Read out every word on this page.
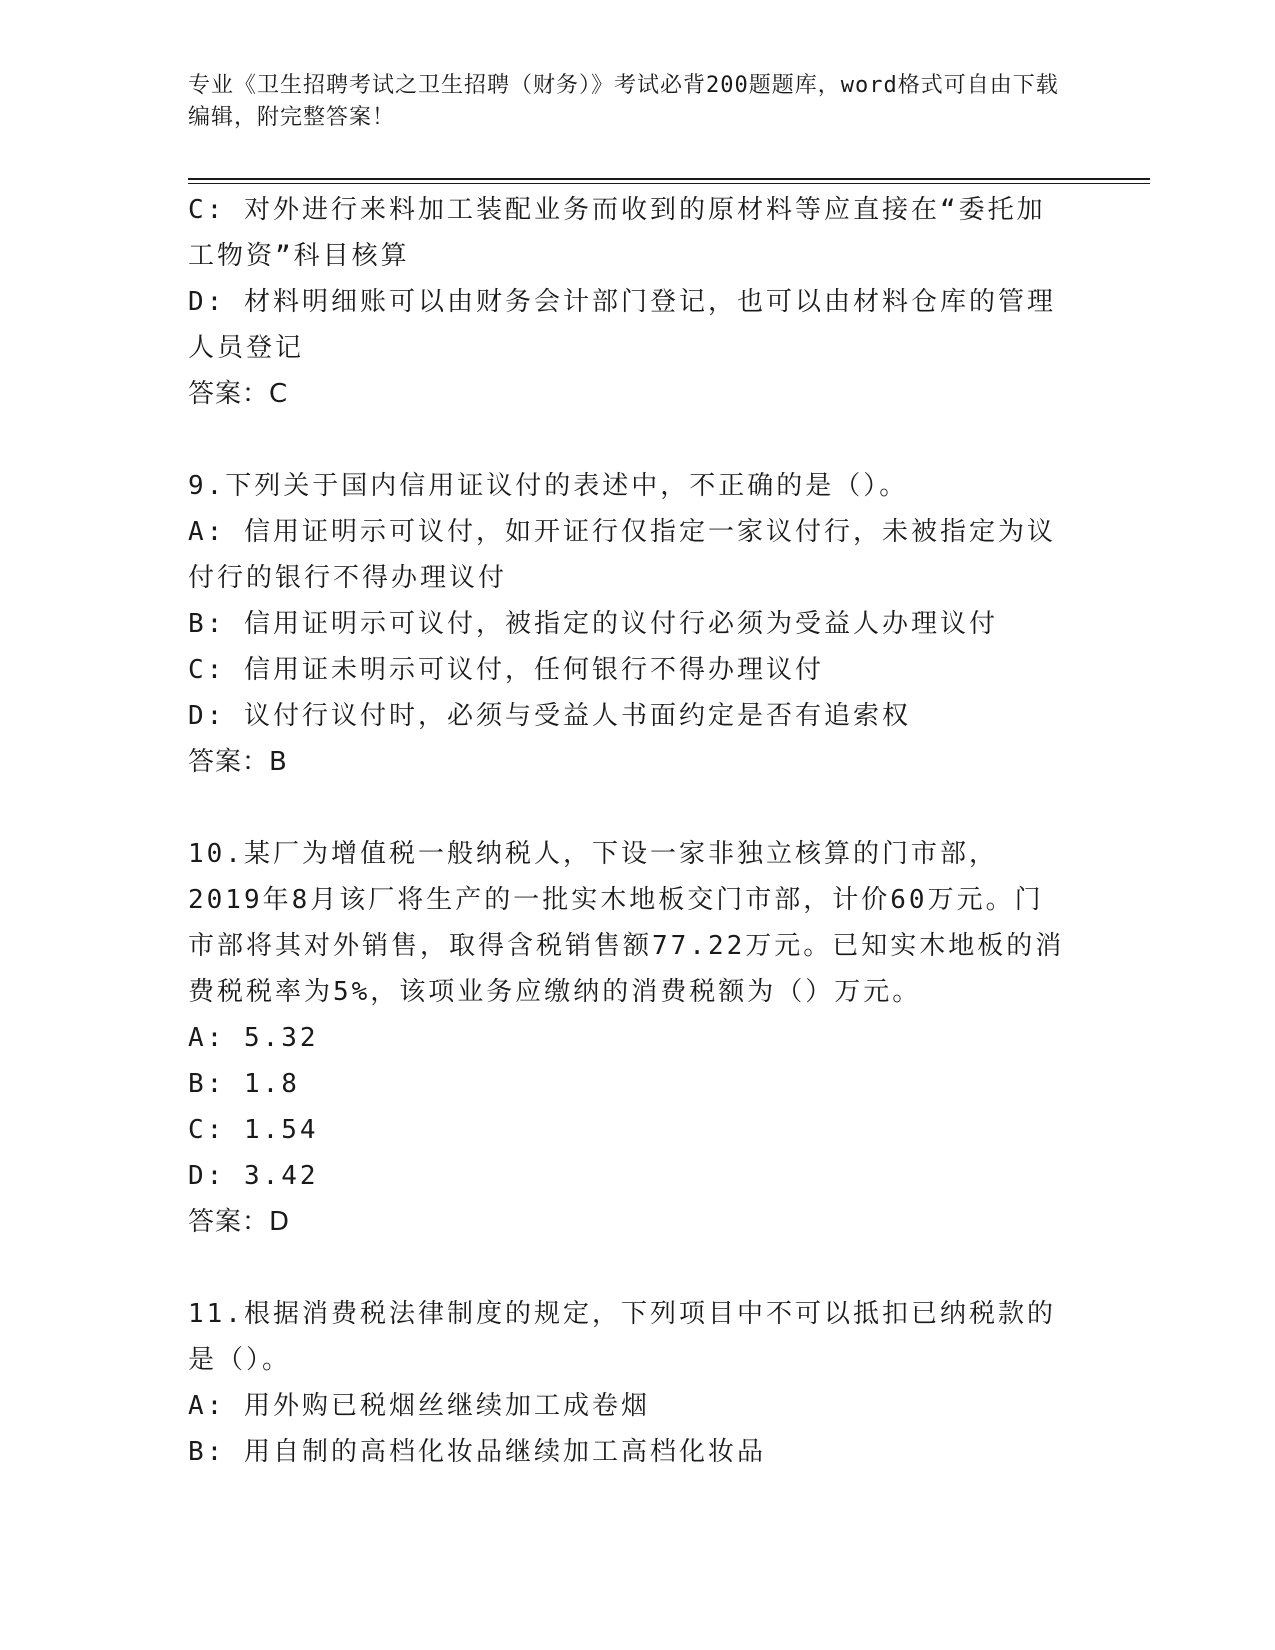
专业《卫生招聘考试之卫生招聘（财务）》考试必背200题题库，word格式可自由下载编辑，附完整答案！

C: 对外进行来料加工装配业务而收到的原材料等应直接在“委托加工物资”科目核算

D: 材料明细账可以由财务会计部门登记，也可以由材料仓库的管理人员登记

答案：C

9.下列关于国内信用证议付的表述中，不正确的是（）。

A: 信用证明示可议付，如开证行仅指定一家议付行，未被指定为议付行的银行不得办理议付

B: 信用证明示可议付，被指定的议付行必须为受益人办理议付

C: 信用证未明示可议付，任何银行不得办理议付

D: 议付行议付时，必须与受益人书面约定是否有追索权

答案：B

10.某厂为增值税一般纳税人，下设一家非独立核算的门市部，2019年8月该厂将生产的一批实木地板交门市部，计价60万元。门市部将其对外销售，取得含税销售额77.22万元。已知实木地板的消费税税率为5%，该项业务应缴纳的消费税额为（）万元。

A: 5.32

B: 1.8

C: 1.54

D: 3.42

答案：D

11.根据消费税法律制度的规定，下列项目中不可以抵扣已纳税款的是（）。

A: 用外购已税烟丝继续加工成卷烟

B: 用自制的高档化妆品继续加工高档化妆品
